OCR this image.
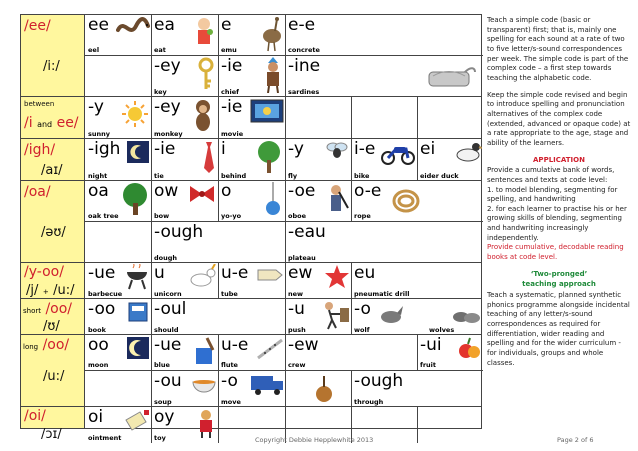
/ee/
/i:/
ee
eel
ea
eat
e
emu
e-e
concrete
-ey
key
-ie
chief
-ine
sardines
between
/i and ee/
-y
sunny
-ey
monkey
-ie
movie
/igh/
/aɪ/
-igh
night
-ie
tie
i
behind
-y
fly
i-e
bike
ei
eider duck
/oa/
/əʊ/
oa
oak tree
ow
bow
o
yo-yo
-oe
oboe
o-e
rope
-ough
dough
-eau
plateau
/y-oo/
/j/ + /u:/
-ue
barbecue
u
unicorn
u-e
tube
ew
new
eu
pneumatic drill
short /oo/
/ʊ/
-oo
book
-oul
should
-u
push
-o
wolf	wolves
long /oo/
/u:/
oo
moon
-ue
blue
u-e
flute
-ew
crew
-ui
fruit
-ou
soup
-o
move
-ough
through
/oi/
/ɔɪ/
oi
ointment
oy
toy

Teach a simple code (basic or transparent) first; that is, mainly one spelling for each sound at a rate of two to five letter/s-sound correspondences per week. The simple code is part of the complex code – a first step towards teaching the alphabetic code.

Keep the simple code revised and begin to introduce spelling and pronunciation alternatives of the complex code (extended, advanced or opaque code) at a rate appropriate to the age, stage and ability of the learners.

APPLICATION

Provide a cumulative bank of words, sentences and texts at code level:

1. to model blending, segmenting for spelling, and handwriting

2. for each learner to practise his or her growing skills of blending, segmenting and handwriting increasingly independently.

Provide cumulative, decodable reading books at code level.

‘Two-pronged’
teaching approach

Teach a systematic, planned synthetic phonics programme alongside incidental teaching of any letter/s-sound correspondences as required for differentiation, wider reading and spelling and for the wider curriculum - for individuals, groups and whole classes.

Copyright Debbie Hepplewhite 2013	Page 2 of 6
